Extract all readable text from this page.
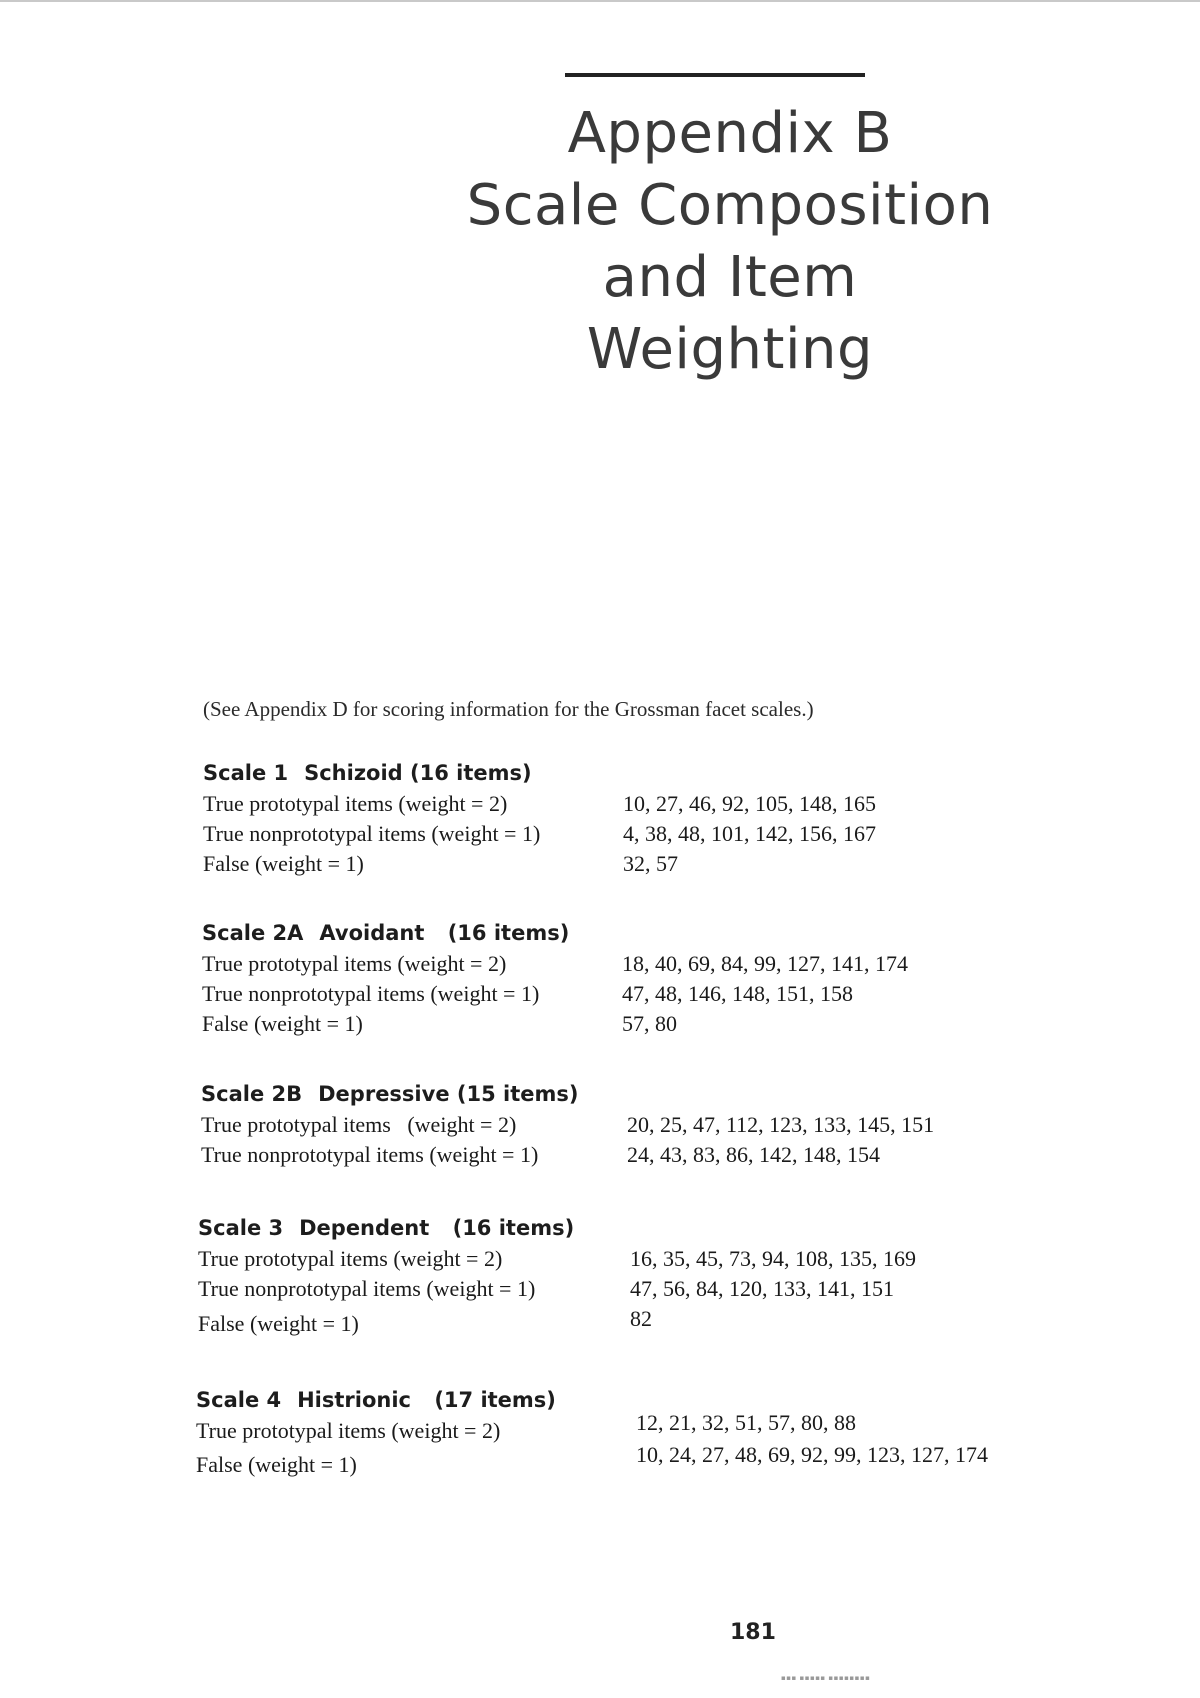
Appendix B
Scale Composition
and Item Weighting
(See Appendix D for scoring information for the Grossman facet scales.)
Scale 1 Schizoid (16 items)
True prototypal items (weight = 2)	10, 27, 46, 92, 105, 148, 165
True nonprototypal items (weight = 1)	4, 38, 48, 101, 142, 156, 167
False (weight = 1)	32, 57
Scale 2A Avoidant (16 items)
True prototypal items (weight = 2)	18, 40, 69, 84, 99, 127, 141, 174
True nonprototypal items (weight = 1)	47, 48, 146, 148, 151, 158
False (weight = 1)	57, 80
Scale 2B Depressive (15 items)
True prototypal items   (weight = 2)	20, 25, 47, 112, 123, 133, 145, 151
True nonprototypal items (weight = 1)	24, 43, 83, 86, 142, 148, 154
Scale 3 Dependent (16 items)
True prototypal items (weight = 2)	16, 35, 45, 73, 94, 108, 135, 169
True nonprototypal items (weight = 1)	47, 56, 84, 120, 133, 141, 151
False (weight = 1)	82
Scale 4 Histrionic (17 items)
True prototypal items (weight = 2)	12, 21, 32, 51, 57, 80, 88
False (weight = 1)	10, 24, 27, 48, 69, 92, 99, 123, 127, 174
181
▪▪▪ ▪▪▪▪▪ ▪▪▪▪▪▪▪▪
